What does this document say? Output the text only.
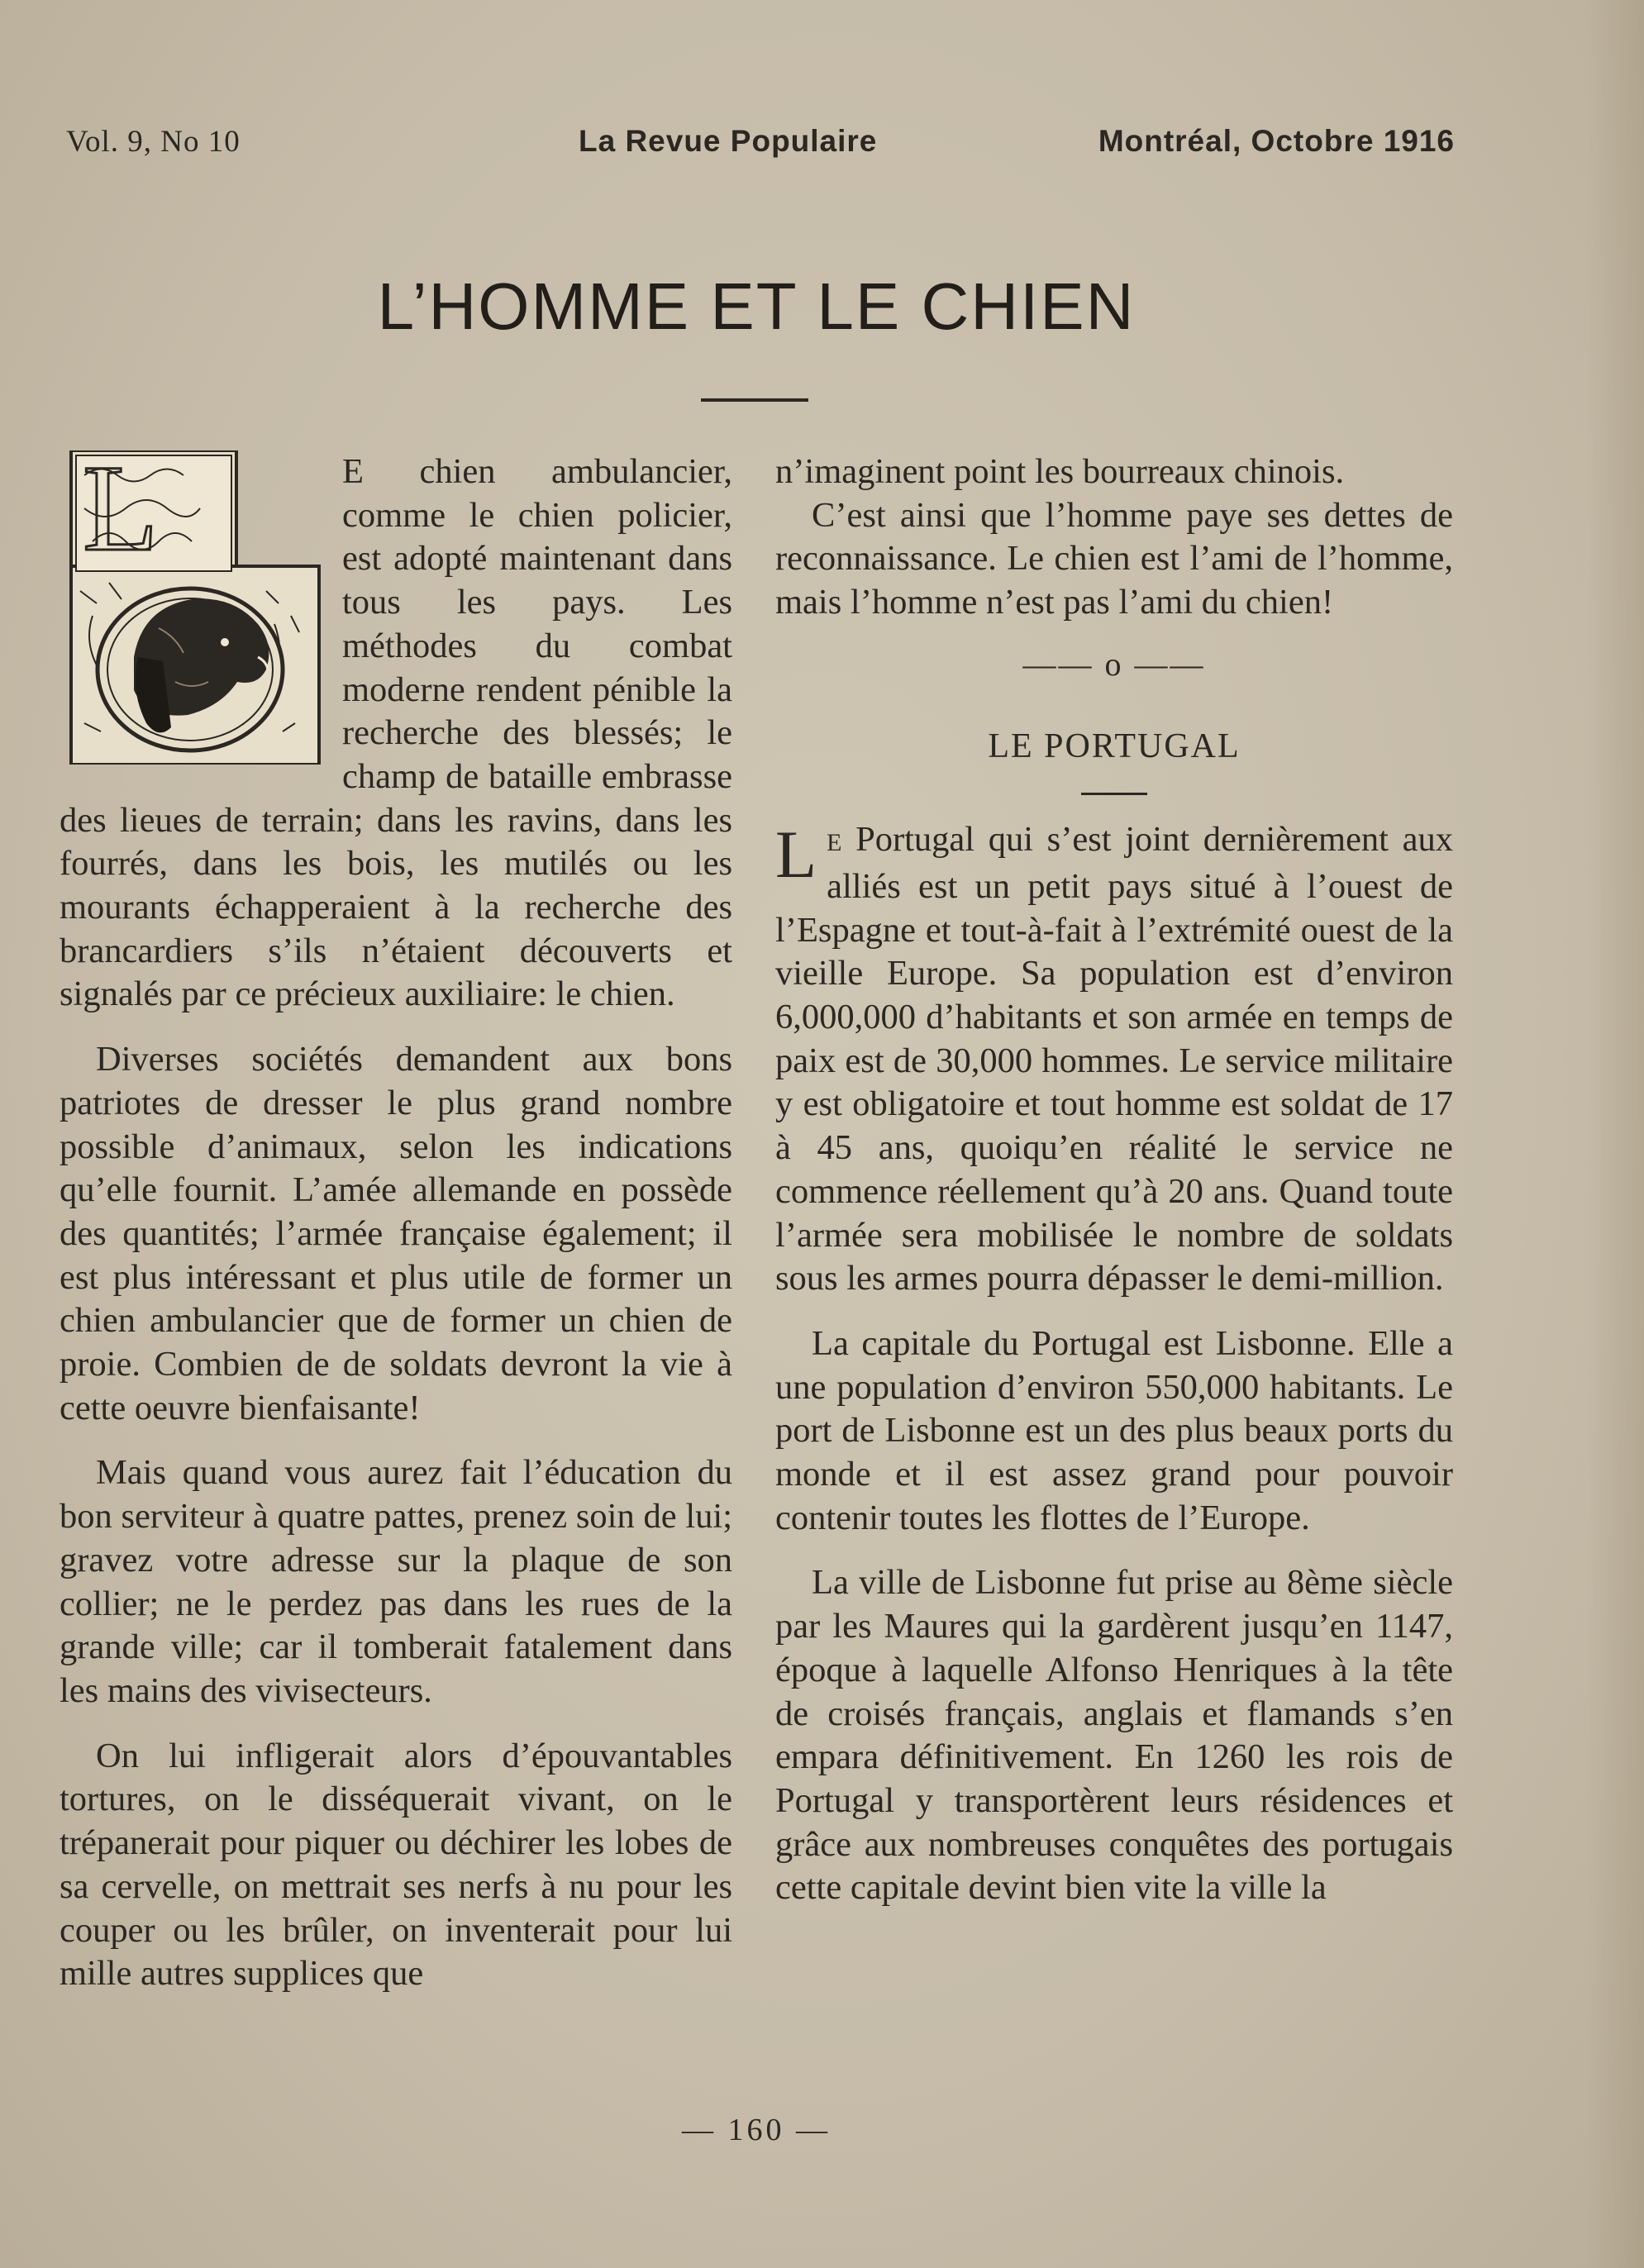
Vol. 9, No 10	La Revue Populaire	Montréal, Octobre 1916
L’HOMME ET LE CHIEN
L	E chien ambulancier, comme le chien policier, est adopté maintenant dans tous les pays. Les méthodes du combat moderne rendent pénible la recherche des blessés; le champ de bataille embrasse des lieues de terrain; dans les ravins, dans les fourrés, dans les bois, les mutilés ou les mourants échapperaient à la recherche des brancardiers s’ils n’étaient découverts et signalés par ce précieux auxiliaire: le chien.

Diverses sociétés demandent aux bons patriotes de dresser le plus grand nombre possible d’animaux, selon les indications qu’elle fournit. L’amée allemande en possède des quantités; l’armée française également; il est plus intéressant et plus utile de former un chien ambulancier que de former un chien de proie. Combien de de soldats devront la vie à cette oeuvre bienfaisante!

Mais quand vous aurez fait l’éducation du bon serviteur à quatre pattes, prenez soin de lui; gravez votre adresse sur la plaque de son collier; ne le perdez pas dans les rues de la grande ville; car il tomberait fatalement dans les mains des vivisecteurs.

On lui infligerait alors d’épouvantables tortures, on le disséquerait vivant, on le trépanerait pour piquer ou déchirer les lobes de sa cervelle, on mettrait ses nerfs à nu pour les couper ou les brûler, on inventerait pour lui mille autres supplices que

n’imaginent point les bourreaux chinois.

C’est ainsi que l’homme paye ses dettes de reconnaissance. Le chien est l’ami de l’homme, mais l’homme n’est pas l’ami du chien!

—— o ——

LE PORTUGAL

L E Portugal qui s’est joint dernièrement aux alliés est un petit pays situé à l’ouest de l’Espagne et tout-à-fait à l’extrémité ouest de la vieille Europe. Sa population est d’environ 6,000,000 d’habitants et son armée en temps de paix est de 30,000 hommes. Le service militaire y est obligatoire et tout homme est soldat de 17 à 45 ans, quoiqu’en réalité le service ne commence réellement qu’à 20 ans. Quand toute l’armée sera mobilisée le nombre de soldats sous les armes pourra dépasser le demi-million.

La capitale du Portugal est Lisbonne. Elle a une population d’environ 550,000 habitants. Le port de Lisbonne est un des plus beaux ports du monde et il est assez grand pour pouvoir contenir toutes les flottes de l’Europe.

La ville de Lisbonne fut prise au 8ème siècle par les Maures qui la gardèrent jusqu’en 1147, époque à laquelle Alfonso Henriques à la tête de croisés français, anglais et flamands s’en empara définitivement. En 1260 les rois de Portugal y transportèrent leurs résidences et grâce aux nombreuses conquêtes des portugais cette capitale devint bien vite la ville la

— 160 —
